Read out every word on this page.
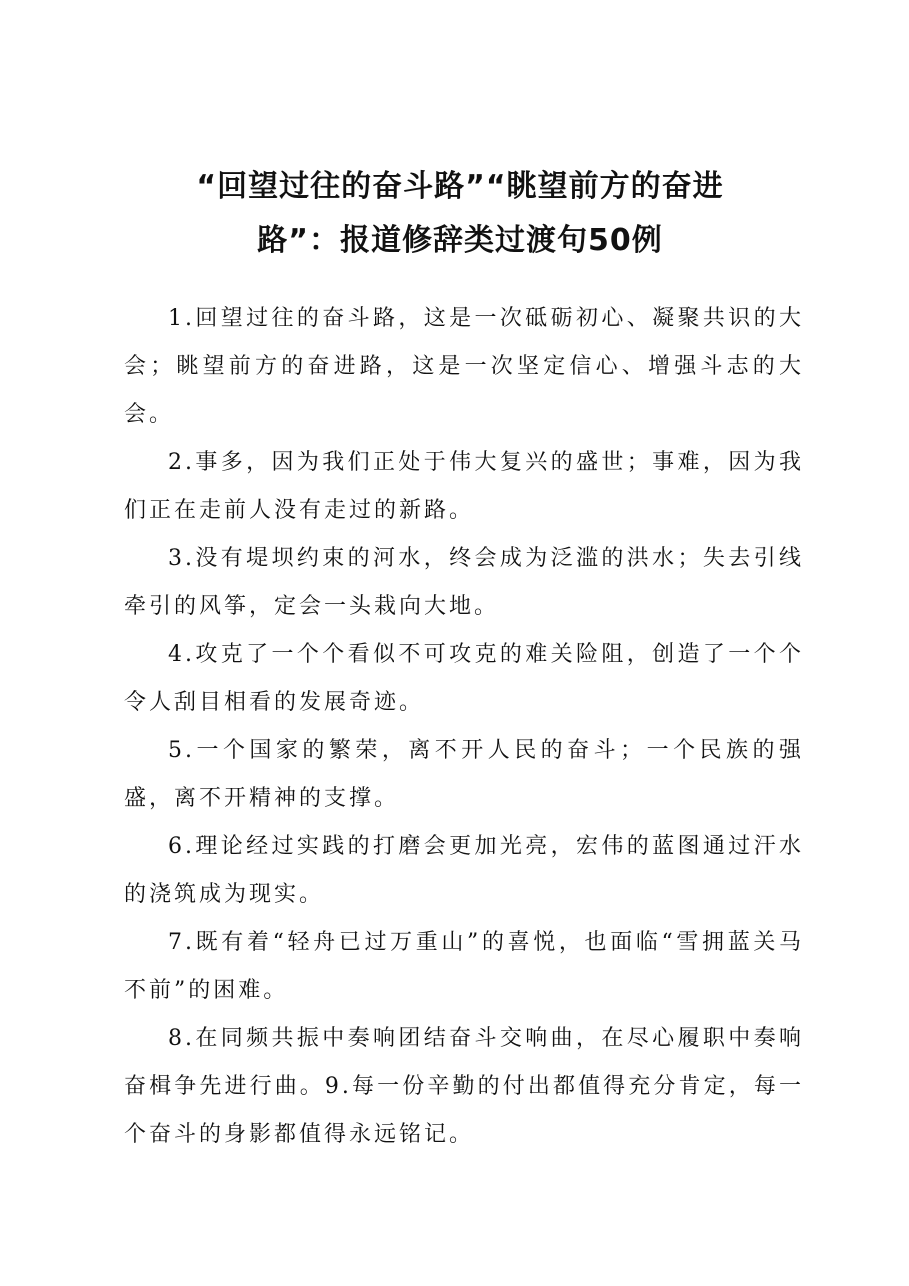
“回望过往的奋斗路”“眺望前方的奋进
路”：报道修辞类过渡句50例

1.回望过往的奋斗路，这是一次砥砺初心、凝聚共识的大会；眺望前方的奋进路，这是一次坚定信心、增强斗志的大会。

2.事多，因为我们正处于伟大复兴的盛世；事难，因为我们正在走前人没有走过的新路。

3.没有堤坝约束的河水，终会成为泛滥的洪水；失去引线牵引的风筝，定会一头栽向大地。

4.攻克了一个个看似不可攻克的难关险阻，创造了一个个令人刮目相看的发展奇迹。

5.一个国家的繁荣，离不开人民的奋斗；一个民族的强盛，离不开精神的支撑。

6.理论经过实践的打磨会更加光亮，宏伟的蓝图通过汗水的浇筑成为现实。

7.既有着“轻舟已过万重山”的喜悦，也面临“雪拥蓝关马不前”的困难。

8.在同频共振中奏响团结奋斗交响曲，在尽心履职中奏响奋楫争先进行曲。9.每一份辛勤的付出都值得充分肯定，每一个奋斗的身影都值得永远铭记。
